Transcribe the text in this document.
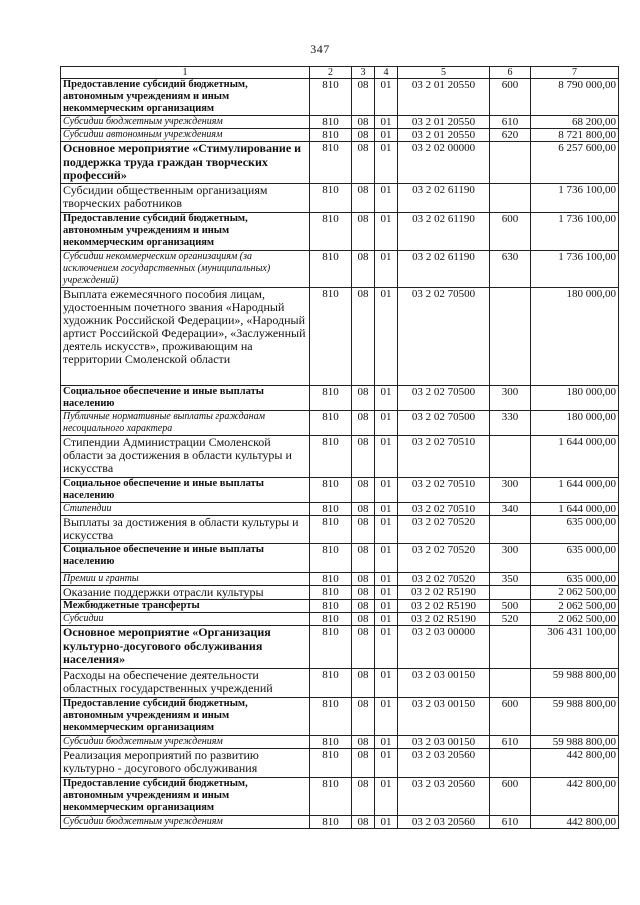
347
1	2	3	4	5	6	7
Предоставление субсидий бюджетным, автономным учреждениям и иным некоммерческим организациям	810	08	01	03 2 01 20550	600	8 790 000,00
Субсидии бюджетным учреждениям	810	08	01	03 2 01 20550	610	68 200,00
Субсидии автономным учреждениям	810	08	01	03 2 01 20550	620	8 721 800,00
Основное мероприятие «Стимулирование и поддержка труда граждан творческих профессий»	810	08	01	03 2 02 00000		6 257 600,00
Субсидии общественным организациям творческих работников	810	08	01	03 2 02 61190		1 736 100,00
Предоставление субсидий бюджетным, автономным учреждениям и иным некоммерческим организациям	810	08	01	03 2 02 61190	600	1 736 100,00
Субсидии некоммерческим организациям (за исключением государственных (муниципальных) учреждений)	810	08	01	03 2 02 61190	630	1 736 100,00
Выплата ежемесячного пособия лицам, удостоенным почетного звания «Народный художник Российской Федерации», «Народный артист Российской Федерации», «Заслуженный деятель искусств», проживающим на территории Смоленской области	810	08	01	03 2 02 70500		180 000,00
Социальное обеспечение и иные выплаты населению	810	08	01	03 2 02 70500	300	180 000,00
Публичные нормативные выплаты гражданам несоциального характера	810	08	01	03 2 02 70500	330	180 000,00
Стипендии Администрации Смоленской области за достижения в области культуры и искусства	810	08	01	03 2 02 70510		1 644 000,00
Социальное обеспечение и иные выплаты населению	810	08	01	03 2 02 70510	300	1 644 000,00
Стипендии	810	08	01	03 2 02 70510	340	1 644 000,00
Выплаты за достижения в области культуры и искусства	810	08	01	03 2 02 70520		635 000,00
Социальное обеспечение и иные выплаты населению	810	08	01	03 2 02 70520	300	635 000,00
Премии и гранты	810	08	01	03 2 02 70520	350	635 000,00
Оказание поддержки отрасли культуры	810	08	01	03 2 02 R5190		2 062 500,00
Межбюджетные трансферты	810	08	01	03 2 02 R5190	500	2 062 500,00
Субсидии	810	08	01	03 2 02 R5190	520	2 062 500,00
Основное мероприятие «Организация культурно-досугового обслуживания населения»	810	08	01	03 2 03 00000		306 431 100,00
Расходы на обеспечение деятельности областных государственных учреждений	810	08	01	03 2 03 00150		59 988 800,00
Предоставление субсидий бюджетным, автономным учреждениям и иным некоммерческим организациям	810	08	01	03 2 03 00150	600	59 988 800,00
Субсидии бюджетным учреждениям	810	08	01	03 2 03 00150	610	59 988 800,00
Реализация мероприятий по развитию культурно - досугового обслуживания	810	08	01	03 2 03 20560		442 800,00
Предоставление субсидий бюджетным, автономным учреждениям и иным некоммерческим организациям	810	08	01	03 2 03 20560	600	442 800,00
Субсидии бюджетным учреждениям	810	08	01	03 2 03 20560	610	442 800,00
